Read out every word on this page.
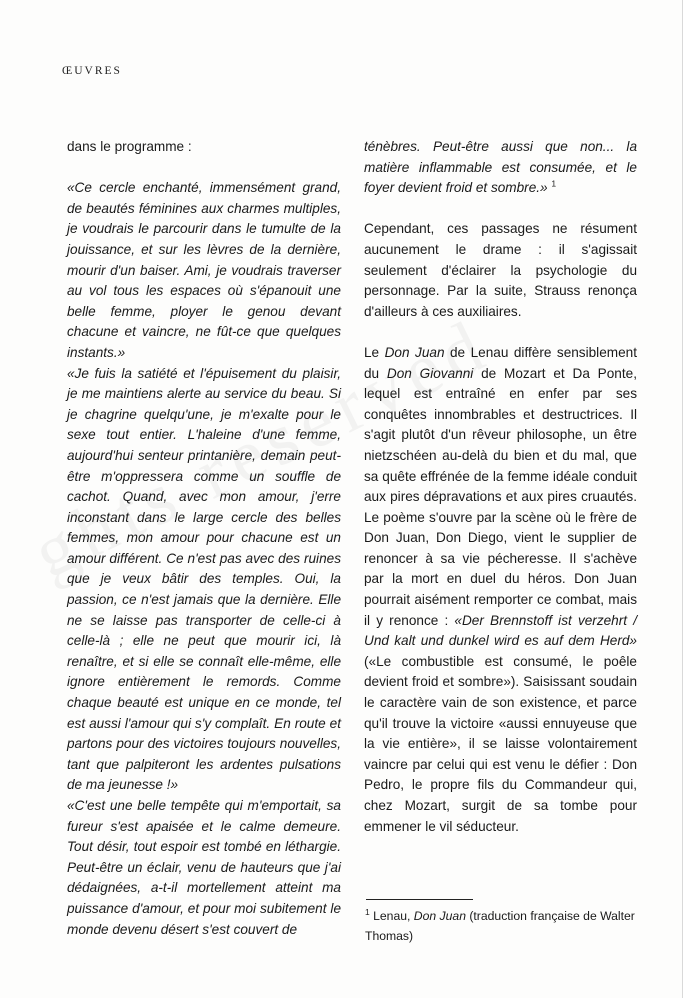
ŒUVRES

dans le programme :

«Ce cercle enchanté, immensément grand, de beautés féminines aux charmes multiples, je voudrais le parcourir dans le tumulte de la jouissance, et sur les lèvres de la dernière, mourir d'un baiser. Ami, je voudrais traverser au vol tous les espaces où s'épanouit une belle femme, ployer le genou devant chacune et vaincre, ne fût-ce que quelques instants.»

«Je fuis la satiété et l'épuisement du plaisir, je me maintiens alerte au service du beau. Si je chagrine quelqu'une, je m'exalte pour le sexe tout entier. L'haleine d'une femme, aujourd'hui senteur printanière, demain peut-être m'oppressera comme un souffle de cachot. Quand, avec mon amour, j'erre inconstant dans le large cercle des belles femmes, mon amour pour chacune est un amour différent. Ce n'est pas avec des ruines que je veux bâtir des temples. Oui, la passion, ce n'est jamais que la dernière. Elle ne se laisse pas transporter de celle-ci à celle-là ; elle ne peut que mourir ici, là renaître, et si elle se connaît elle-même, elle ignore entièrement le remords. Comme chaque beauté est unique en ce monde, tel est aussi l'amour qui s'y complaît. En route et partons pour des victoires toujours nouvelles, tant que palpiteront les ardentes pulsations de ma jeunesse !»

«C'est une belle tempête qui m'emportait, sa fureur s'est apaisée et le calme demeure. Tout désir, tout espoir est tombé en léthargie. Peut-être un éclair, venu de hauteurs que j'ai dédaignées, a-t-il mortellement atteint ma puissance d'amour, et pour moi subitement le monde devenu désert s'est couvert de

ténèbres. Peut-être aussi que non... la matière inflammable est consumée, et le foyer devient froid et sombre.» $^1$

Cependant, ces passages ne résument aucunement le drame : il s'agissait seulement d'éclairer la psychologie du personnage. Par la suite, Strauss renonça d'ailleurs à ces auxiliaires.

Le Don Juan de Lenau diffère sensiblement du Don Giovanni de Mozart et Da Ponte, lequel est entraîné en enfer par ses conquêtes innombrables et destructrices. Il s'agit plutôt d'un rêveur philosophe, un être nietzschéen au-delà du bien et du mal, que sa quête effrénée de la femme idéale conduit aux pires dépravations et aux pires cruautés. Le poème s'ouvre par la scène où le frère de Don Juan, Don Diego, vient le supplier de renoncer à sa vie pécheresse. Il s'achève par la mort en duel du héros. Don Juan pourrait aisément remporter ce combat, mais il y renonce : «Der Brennstoff ist verzehrt / Und kalt und dunkel wird es auf dem Herd» («Le combustible est consumé, le poêle devient froid et sombre»). Saisissant soudain le caractère vain de son existence, et parce qu'il trouve la victoire «aussi ennuyeuse que la vie entière», il se laisse volontairement vaincre par celui qui est venu le défier : Don Pedro, le propre fils du Commandeur qui, chez Mozart, surgit de sa tombe pour emmener le vil séducteur.

$^1$ Lenau, Don Juan (traduction française de Walter Thomas)
